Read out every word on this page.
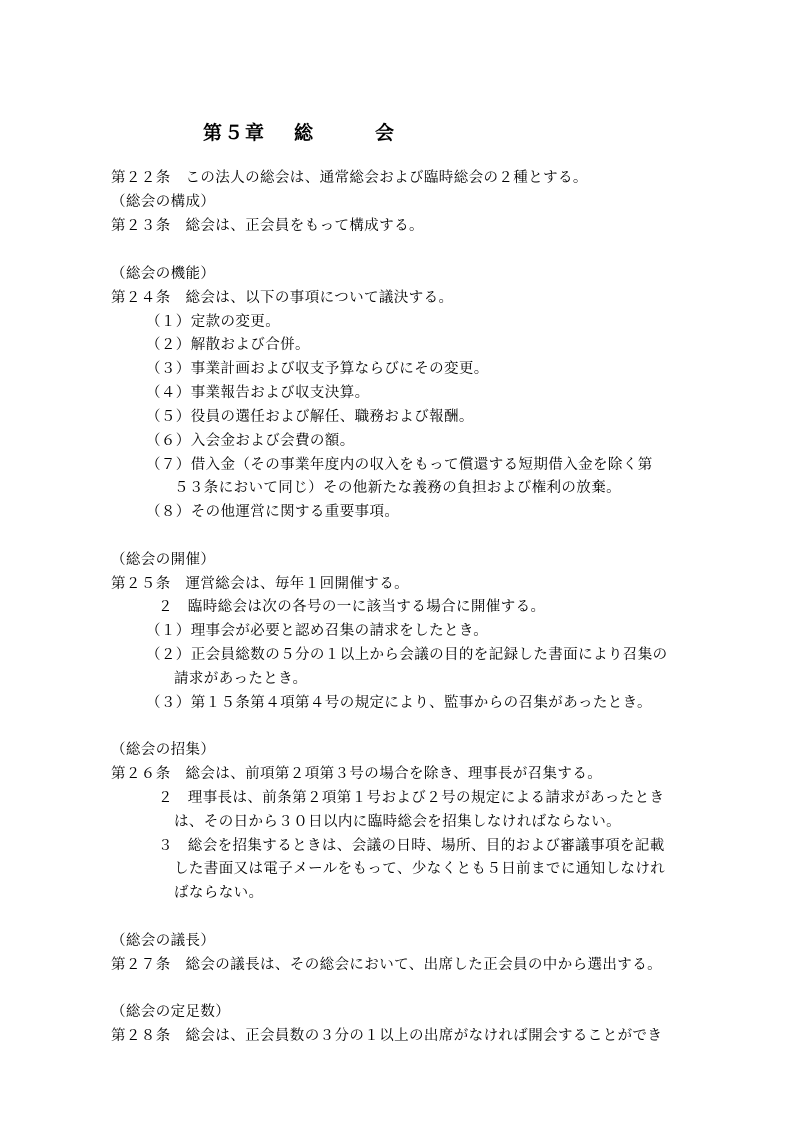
第５章 総会
第２２条　この法人の総会は、通常総会および臨時総会の２種とする。
（総会の構成）
第２３条　総会は、正会員をもって構成する。
（総会の機能）
第２４条　総会は、以下の事項について議決する。
（１）定款の変更。
（２）解散および合併。
（３）事業計画および収支予算ならびにその変更。
（４）事業報告および収支決算。
（５）役員の選任および解任、職務および報酬。
（６）入会金および会費の額。
（７）借入金（その事業年度内の収入をもって償還する短期借入金を除く第
５３条において同じ）その他新たな義務の負担および権利の放棄。
（８）その他運営に関する重要事項。
（総会の開催）
第２５条　運営総会は、毎年１回開催する。
２　臨時総会は次の各号の一に該当する場合に開催する。
（１）理事会が必要と認め召集の請求をしたとき。
（２）正会員総数の５分の１以上から会議の目的を記録した書面により召集の
請求があったとき。
（３）第１５条第４項第４号の規定により、監事からの召集があったとき。
（総会の招集）
第２６条　総会は、前項第２項第３号の場合を除き、理事長が召集する。
２　理事長は、前条第２項第１号および２号の規定による請求があったとき
は、その日から３０日以内に臨時総会を招集しなければならない。
３　総会を招集するときは、会議の日時、場所、目的および審議事項を記載
した書面又は電子メールをもって、少なくとも５日前までに通知しなけれ
ばならない。
（総会の議長）
第２７条　総会の議長は、その総会において、出席した正会員の中から選出する。
（総会の定足数）
第２８条　総会は、正会員数の３分の１以上の出席がなければ開会することができ
